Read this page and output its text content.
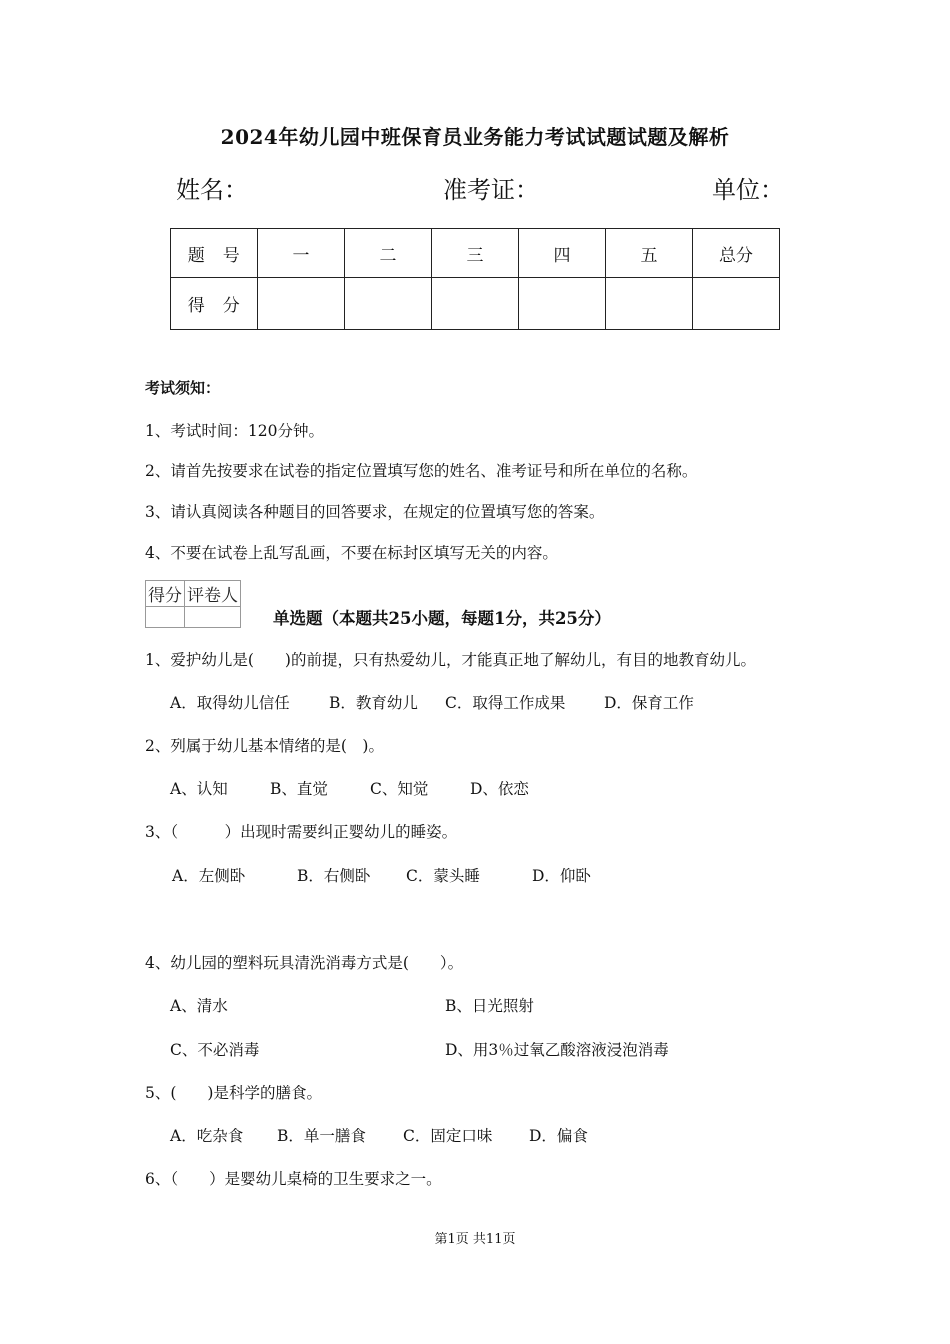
2024年幼儿园中班保育员业务能力考试试题试题及解析
姓名：	准考证：	单位：
题　号	一	二	三	四	五	总分
得　分						
考试须知：
1、考试时间：120分钟。
2、请首先按要求在试卷的指定位置填写您的姓名、准考证号和所在单位的名称。
3、请认真阅读各种题目的回答要求，在规定的位置填写您的答案。
4、不要在试卷上乱写乱画，不要在标封区填写无关的内容。
得分	评卷人

单选题（本题共25小题，每题1分，共25分）
1、爱护幼儿是(　　)的前提，只有热爱幼儿，才能真正地了解幼儿，有目的地教育幼儿。
A．取得幼儿信任	B．教育幼儿 C．取得工作成果 D．保育工作
2、列属于幼儿基本情绪的是(　)。
A、认知	B、直觉	C、知觉	D、依恋
3、（　　　）出现时需要纠正婴幼儿的睡姿。
A．左侧卧	B．右侧卧 C．蒙头睡	D．仰卧
4、幼儿园的塑料玩具清洗消毒方式是(　　）。
A、清水	B、日光照射
C、不必消毒	D、用3％过氧乙酸溶液浸泡消毒
5、(　　)是科学的膳食。
A．吃杂食 B．单一膳食 C．固定口味 D．偏食
6、（　　）是婴幼儿桌椅的卫生要求之一。
第1页 共11页
